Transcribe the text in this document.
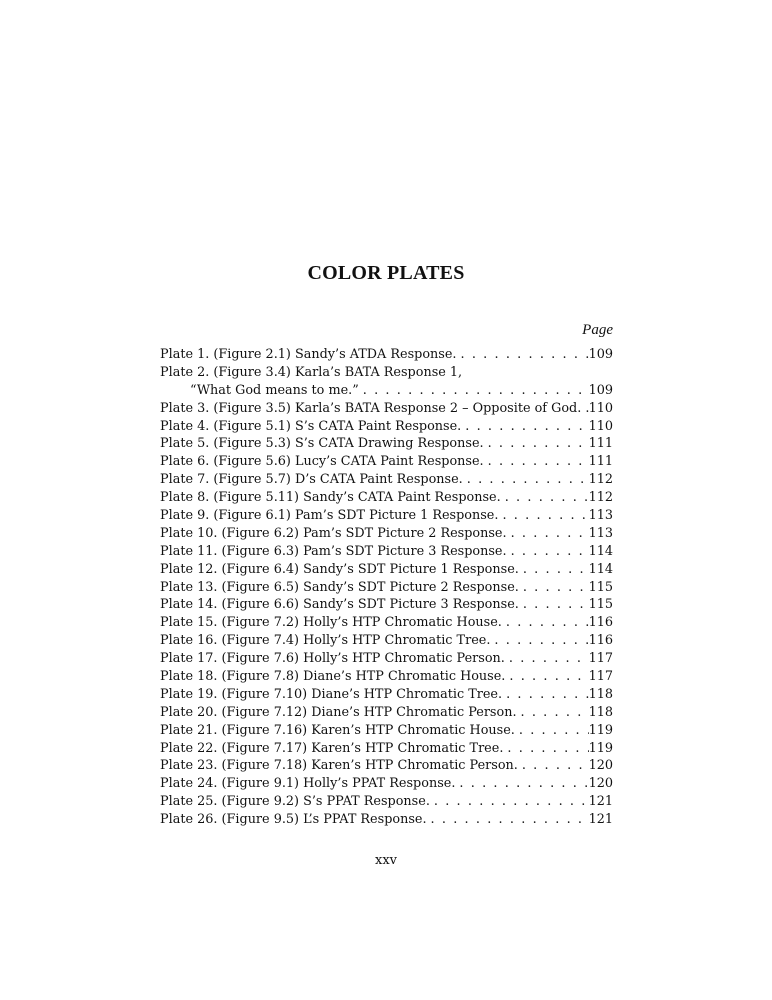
COLOR PLATES
Page
Plate 1. (Figure 2.1) Sandy’s ATDA Response. . . .	109
Plate 2. (Figure 3.4) Karla’s BATA Response 1,
“What God means to me.” . . .	109
Plate 3. (Figure 3.5) Karla’s BATA Response 2 – Opposite of God. . . . 110
Plate 4. (Figure 5.1) S’s CATA Paint Response. . . .	110
Plate 5. (Figure 5.3) S’s CATA Drawing Response. . . .	111
Plate 6. (Figure 5.6) Lucy’s CATA Paint Response. . . .	111
Plate 7. (Figure 5.7) D’s CATA Paint Response. . . .	112
Plate 8. (Figure 5.11) Sandy’s CATA Paint Response. . . .	112
Plate 9. (Figure 6.1) Pam’s SDT Picture 1 Response. . . .	113
Plate 10. (Figure 6.2) Pam’s SDT Picture 2 Response. . . .	113
Plate 11. (Figure 6.3) Pam’s SDT Picture 3 Response. . . .	114
Plate 12. (Figure 6.4) Sandy’s SDT Picture 1 Response. . . .	114
Plate 13. (Figure 6.5) Sandy’s SDT Picture 2 Response. . . .	115
Plate 14. (Figure 6.6) Sandy’s SDT Picture 3 Response. . . .	115
Plate 15. (Figure 7.2) Holly’s HTP Chromatic House. . . .	116
Plate 16. (Figure 7.4) Holly’s HTP Chromatic Tree. . . .	116
Plate 17. (Figure 7.6) Holly’s HTP Chromatic Person. . . .	117
Plate 18. (Figure 7.8) Diane’s HTP Chromatic House. . . .	117
Plate 19. (Figure 7.10) Diane’s HTP Chromatic Tree. . . .	118
Plate 20. (Figure 7.12) Diane’s HTP Chromatic Person. . . .	118
Plate 21. (Figure 7.16) Karen’s HTP Chromatic House. . . .	119
Plate 22. (Figure 7.17) Karen’s HTP Chromatic Tree. . . .	119
Plate 23. (Figure 7.18) Karen’s HTP Chromatic Person. . . .	120
Plate 24. (Figure 9.1) Holly’s PPAT Response. . . .	120
Plate 25. (Figure 9.2) S’s PPAT Response. . . .	121
Plate 26. (Figure 9.5) L’s PPAT Response. . . .	121
xxv
